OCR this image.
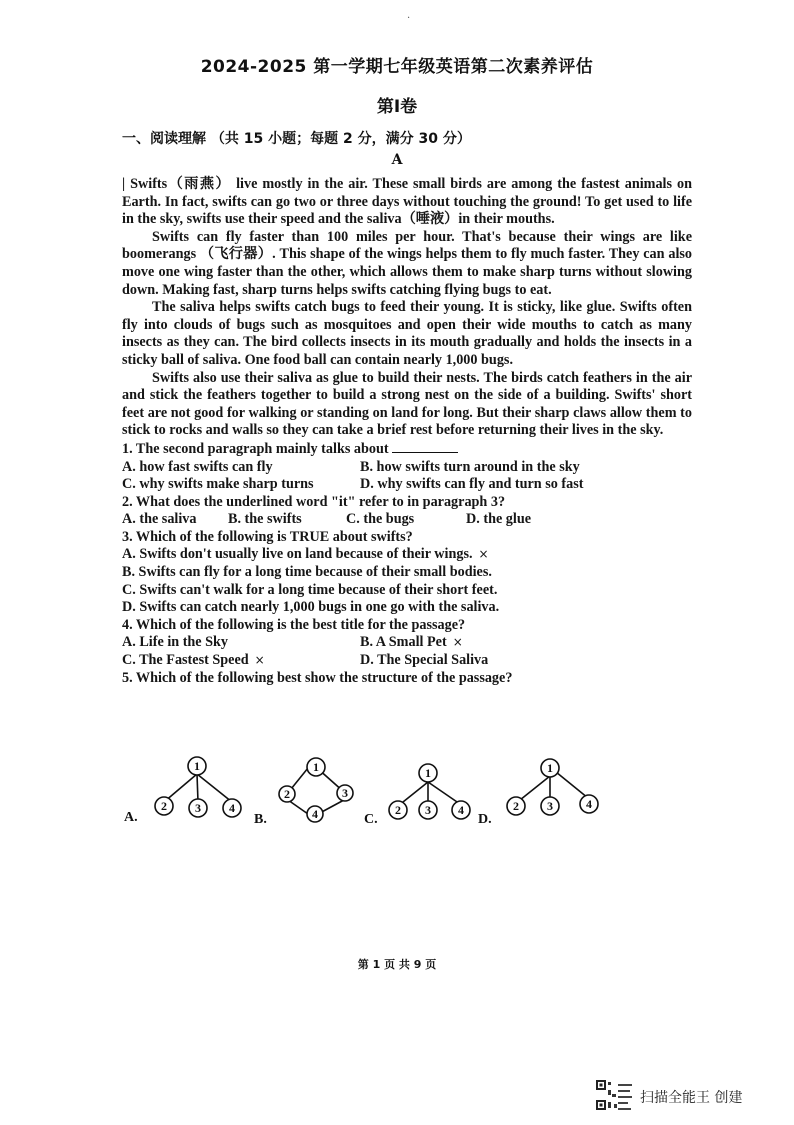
.
2024-2025 第一学期七年级英语第二次素养评估
第Ⅰ卷
一、阅读理解 （共 15 小题；每题 2 分，满分 30 分）
A

| Swifts（雨燕） live mostly in the air. These small birds are among the fastest animals on Earth. In fact, swifts can go two or three days without touching the ground! To get used to life in the sky, swifts use their speed and the saliva（唾液）in their mouths.

Swifts can fly faster than 100 miles per hour. That's because their wings are like boomerangs （飞行器）. This shape of the wings helps them to fly much faster. They can also move one wing faster than the other, which allows them to make sharp turns without slowing down. Making fast, sharp turns helps swifts catching flying bugs to eat.

The saliva helps swifts catch bugs to feed their young. It is sticky, like glue. Swifts often fly into clouds of bugs such as mosquitoes and open their wide mouths to catch as many insects as they can. The bird collects insects in its mouth gradually and holds the insects in a sticky ball of saliva. One food ball can contain nearly 1,000 bugs.

Swifts also use their saliva as glue to build their nests. The birds catch feathers in the air and stick the feathers together to build a strong nest on the side of a building. Swifts' short feet are not good for walking or standing on land for long. But their sharp claws allow them to stick to rocks and walls so they can take a brief rest before returning their lives in the sky.

1. The second paragraph mainly talks about

A. how fast swifts can fly	B. how swifts turn around in the sky

C. why swifts make sharp turns	D. why swifts can fly and turn so fast

2. What does the underlined word "it" refer to in paragraph 3?

A. the saliva	B. the swifts	C. the bugs	D. the glue

3. Which of the following is TRUE about swifts?

A. Swifts don't usually live on land because of their wings. ×

B. Swifts can fly for a long time because of their small bodies.

C. Swifts can't walk for a long time because of their short feet.

D. Swifts can catch nearly 1,000 bugs in one go with the saliva.

4. Which of the following is the best title for the passage?

A. Life in the Sky	B. A Small Pet ×

C. The Fastest Speed ×	D. The Special Saliva

5. Which of the following best show the structure of the passage?

1
2 3 4
1
2	3
4
1
2 3 4
1
2 3	4
A.	B.	C.	D.
第 1 页 共 9 页
扫描全能王 创建
